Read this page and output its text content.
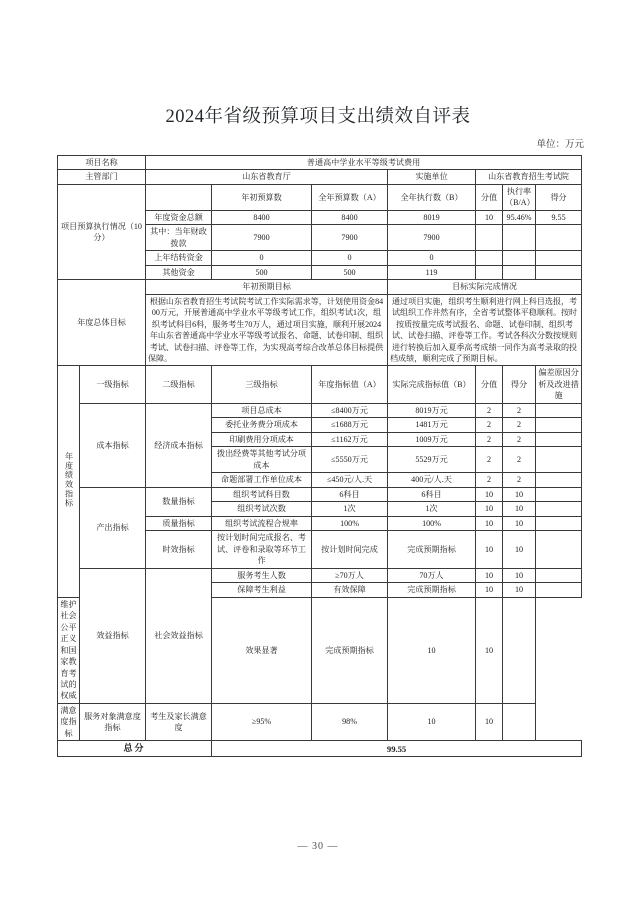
2024年省级预算项目支出绩效自评表
单位：万元
项目名称		普通高中学业水平等级考试费用						
主管部门		山东省教育厅			实施单位	山东省教育招生考试院		
项目预算执行情况（10分）			年初预算数	全年预算数（A）	全年执行数（B）	分值	执行率（B/A）	得分
		年度资金总额	8400	8400	8019	10	95.46%	9.55
		其中：当年财政拨款	7900	7900	7900			
		上年结转资金	0	0	0			
		其他资金	500	500	119			
年度总体目标		年初预期目标			目标实际完成情况			
		根据山东省教育招生考试院考试工作实际需求等，计划使用资金8400万元，开展普通高中学业水平等级考试工作，组织考试1次，组织考试科目6科，服务考生70万人，通过项目实施，顺利开展2024年山东省普通高中学业水平等级考试报名、命题、试卷印制、组织考试、试卷扫描、评卷等工作，为实现高考综合改革总体目标提供保障。			通过项目实施，组织考生顺利进行网上科目选报，考试组织工作井然有序，全省考试整体平稳顺利。按时按质按量完成考试报名、命题、试卷印制、组织考试、试卷扫描、评卷等工作。考试各科次分数按规则进行转换后加入夏季高考成绩一同作为高考录取的投档成绩，顺利完成了预期目标。			
年度绩效指标	一级指标	二级指标	三级指标	年度指标值（A）	实际完成指标值（B）	分值	得分	偏差原因分析及改进措施
	成本指标	经济成本指标	项目总成本	≤8400万元	8019万元	2	2	
			委托业务费分项成本	≤1688万元	1481万元	2	2	
			印刷费用分项成本	≤1162万元	1009万元	2	2	
			拨出经费等其他考试分项成本	≤5550万元	5529万元	2	2	
			命题部署工作单位成本	≤450元/人.天	400元/人.天	2	2	
	产出指标	数量指标	组织考试科目数	6科目	6科目	10	10	
			组织考试次数	1次	1次	10	10	
		质量指标	组织考试流程合规率	100%	100%	10	10	
		时效指标	按计划时间完成报名、考试、评卷和录取等环节工作	按计划时间完成	完成预期指标	10	10	
	效益指标	社会效益指标	服务考生人数	≥70万人	70万人	10	10	
			保障考生利益	有效保障	完成预期指标	10	10	
维护社会公平正义和国家教育考试的权威			效果显著	完成预期指标	10	10		
满意度指标	服务对象满意度指标	考生及家长满意度	≥95%	98%	10	10		
总分			99.55					
— 30 —
